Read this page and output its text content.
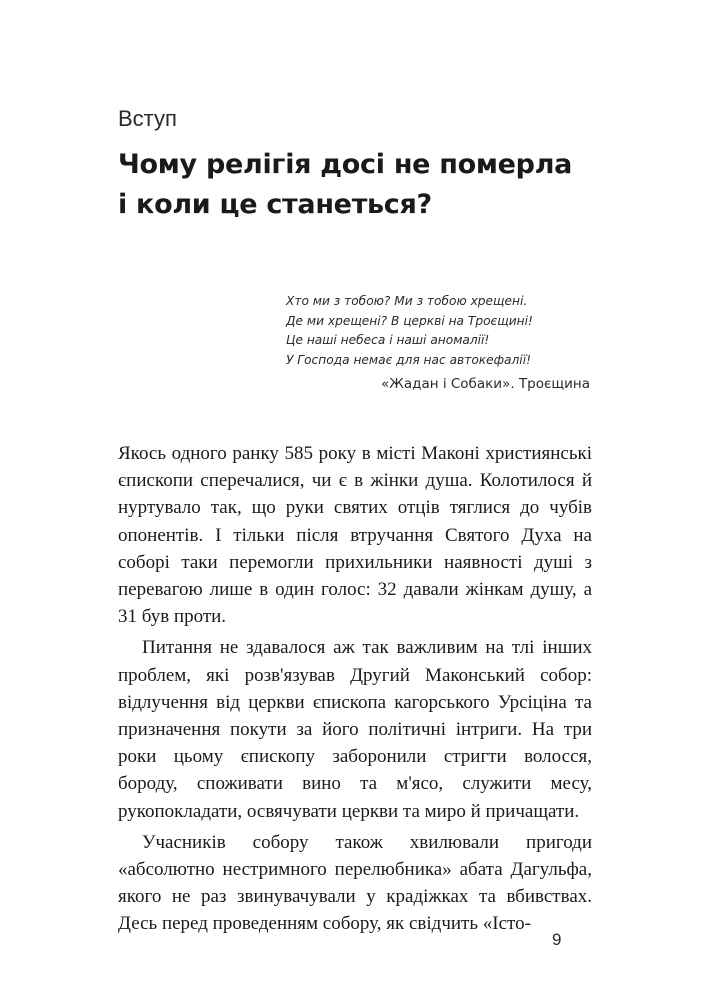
Вступ
Чому релігія досі не померла
і коли це станеться?
Хто ми з тобою? Ми з тобою хрещені.
Де ми хрещені? В церкві на Троєщині!
Це наші небеса і наші аномалії!
У Господа немає для нас автокефалії!
«Жадан і Собаки». Троєщина

Якось одного ранку 585 року в місті Маконі християнські єпископи сперечалися, чи є в жінки душа. Колотилося й нуртувало так, що руки святих отців тяглися до чубів опонентів. І тільки після втручання Святого Духа на соборі таки перемогли прихильники наявності душі з перевагою лише в один голос: 32 давали жінкам душу, а 31 був проти.

Питання не здавалося аж так важливим на тлі інших проблем, які розв'язував Другий Маконський собор: відлучення від церкви єпископа кагорського Урсіціна та призначення покути за його політичні інтриги. На три роки цьому єпископу заборонили стригти волосся, бороду, споживати вино та м'ясо, служити месу, рукопокладати, освячувати церкви та миро й причащати.

Учасників собору також хвилювали пригоди «абсолютно нестримного перелюбника» абата Дагульфа, якого не раз звинувачували у крадіжках та вбивствах. Десь перед проведенням собору, як свідчить «Істо-

9
